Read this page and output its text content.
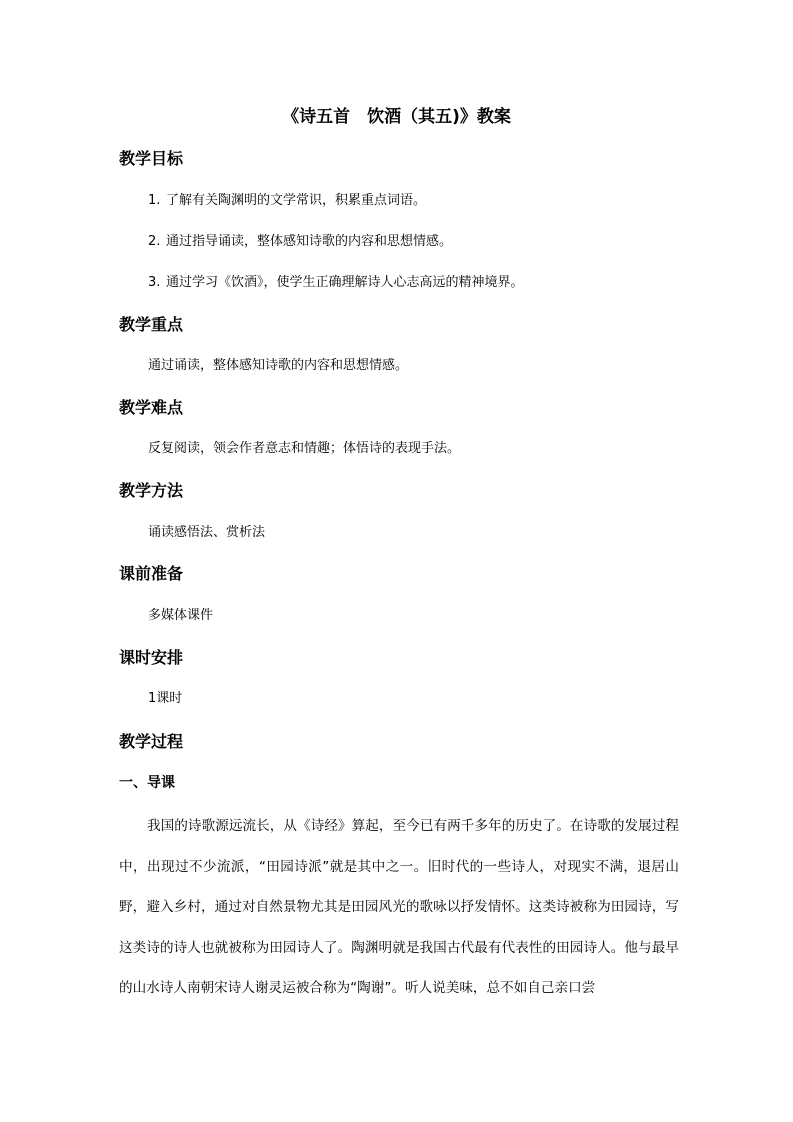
《诗五首　饮酒（其五)》教案
教学目标
1. 了解有关陶渊明的文学常识，积累重点词语。
2. 通过指导诵读，整体感知诗歌的内容和思想情感。
3. 通过学习《饮酒》，使学生正确理解诗人心志高远的精神境界。
教学重点
通过诵读，整体感知诗歌的内容和思想情感。
教学难点
反复阅读，领会作者意志和情趣；体悟诗的表现手法。
教学方法
诵读感悟法、赏析法
课前准备
多媒体课件
课时安排
1课时
教学过程
一、导课
我国的诗歌源远流长，从《诗经》算起，至今已有两千多年的历史了。在诗歌的发展过程中，出现过不少流派，“田园诗派”就是其中之一。旧时代的一些诗人，对现实不满，退居山野，避入乡村，通过对自然景物尤其是田园风光的歌咏以抒发情怀。这类诗被称为田园诗，写这类诗的诗人也就被称为田园诗人了。陶渊明就是我国古代最有代表性的田园诗人。他与最早的山水诗人南朝宋诗人谢灵运被合称为“陶谢”。听人说美味，总不如自己亲口尝
